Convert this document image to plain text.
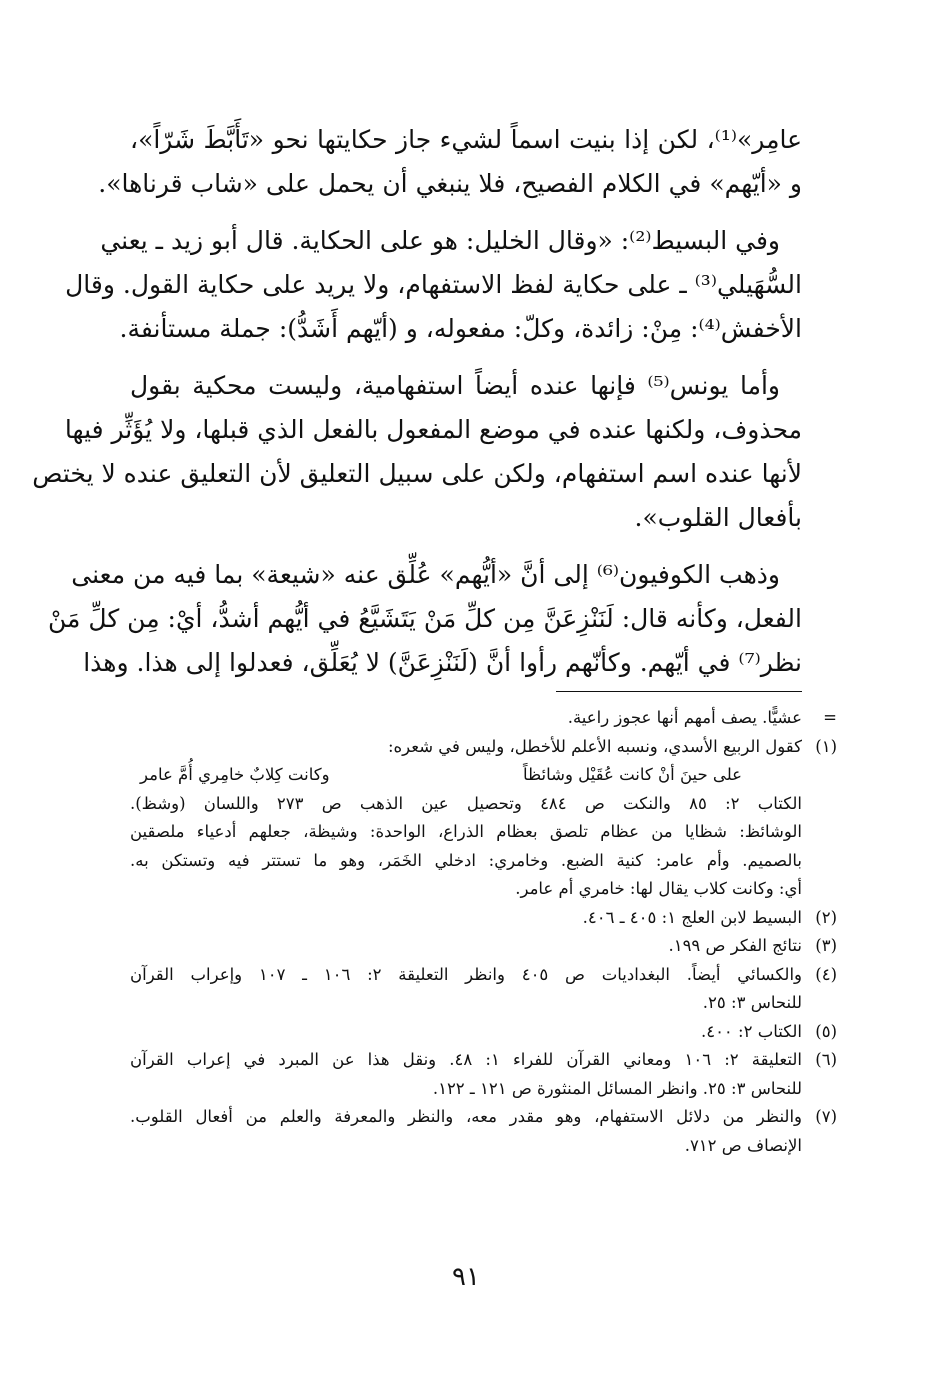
عامِر»⁽¹⁾، لكن إذا بنيت اسماً لشيء جاز حكايتها نحو «تَأَبَّطَ شَرّاً»،
و «أيّهم» في الكلام الفصيح، فلا ينبغي أن يحمل على «شاب قرناها».

وفي البسيط⁽²⁾: «وقال الخليل: هو على الحكاية. قال أبو زيد ـ يعني
السُّهَيلي⁽³⁾ ـ على حكاية لفظ الاستفهام، ولا يريد على حكاية القول. وقال
الأخفش⁽⁴⁾: مِنْ: زائدة، وكلّ: مفعوله، و (أيّهم أَشَدُّ): جملة مستأنفة.

وأما يونس⁽⁵⁾ فإنها عنده أيضاً استفهامية، وليست محكية بقول
محذوف، ولكنها عنده في موضع المفعول بالفعل الذي قبلها، ولا يُؤَثِّر فيها
لأنها عنده اسم استفهام، ولكن على سبيل التعليق لأن التعليق عنده لا يختص
بأفعال القلوب».

وذهب الكوفيون⁽⁶⁾ إلى أنَّ «أيُّهم» عُلِّق عنه «شيعة» بما فيه من معنى
الفعل، وكأنه قال: لَنَنْزِعَنَّ مِن كلِّ مَنْ يَتَشَيَّعُ في أيُّهم أشدُّ، أيْ: مِن كلِّ مَنْ
نظر⁽⁷⁾ في أيّهم. وكأنّهم رأوا أنَّ (لَنَنْزِعَنَّ) لا يُعَلِّق، فعدلوا إلى هذا. وهذا

=
عشيًّا. يصف أمهم أنها عجوز راعية.
(١)
كقول الربيع الأسدي، ونسبه الأعلم للأخطل، وليس في شعره:
على حينَ أنْ كانت عُقَيْل وشائظاً
وكانت كِلابٌ خامِري أُمَّ عامر
الكتاب ٢: ٨٥ والنكت ص ٤٨٤ وتحصيل عين الذهب ص ٢٧٣ واللسان (وشظ).
الوشائظ: شظايا من عظام تلصق بعظام الذراع، الواحدة: وشيظة، جعلهم أدعياء ملصقين
بالصميم. وأم عامر: كنية الضبع. وخامري: ادخلي الخَمَر، وهو ما تستتر فيه وتستكن به.
أي: وكانت كلاب يقال لها: خامري أم عامر.
(٢)
البسيط لابن العلج ١: ٤٠٥ ـ ٤٠٦.
(٣)
نتائج الفكر ص ١٩٩.
(٤)
والكسائي أيضاً. البغداديات ص ٤٠٥ وانظر التعليقة ٢: ١٠٦ ـ ١٠٧ وإعراب القرآن
للنحاس ٣: ٢٥.
(٥)
الكتاب ٢: ٤٠٠.
(٦)
التعليقة ٢: ١٠٦ ومعاني القرآن للفراء ١: ٤٨. ونقل هذا عن المبرد في إعراب القرآن
للنحاس ٣: ٢٥. وانظر المسائل المنثورة ص ١٢١ ـ ١٢٢.
(٧)
والنظر من دلائل الاستفهام، وهو مقدر معه، والنظر والمعرفة والعلم من أفعال القلوب.
الإنصاف ص ٧١٢.
٩١
